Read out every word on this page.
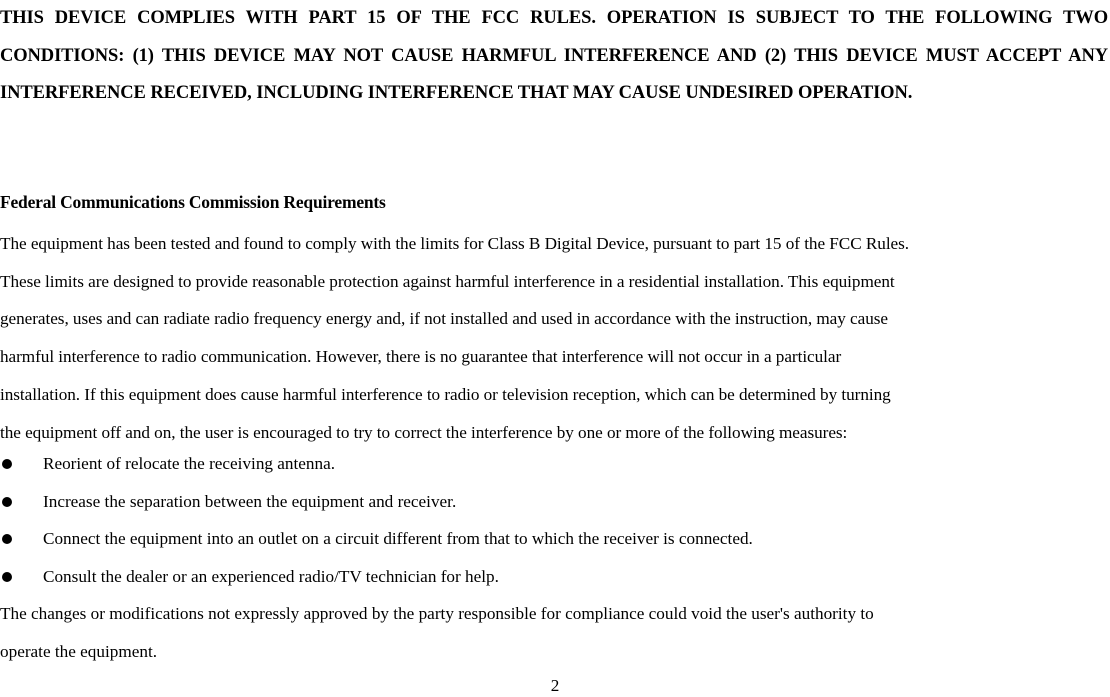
THIS DEVICE COMPLIES WITH PART 15 OF THE FCC RULES. OPERATION IS SUBJECT TO THE FOLLOWING TWO CONDITIONS: (1) THIS DEVICE MAY NOT CAUSE HARMFUL INTERFERENCE AND (2) THIS DEVICE MUST ACCEPT ANY INTERFERENCE RECEIVED, INCLUDING INTERFERENCE THAT MAY CAUSE UNDESIRED OPERATION.
Federal Communications Commission Requirements
The equipment has been tested and found to comply with the limits for Class B Digital Device, pursuant to part 15 of the FCC Rules.
These limits are designed to provide reasonable protection against harmful interference in a residential installation. This equipment
generates, uses and can radiate radio frequency energy and, if not installed and used in accordance with the instruction, may cause
harmful interference to radio communication. However, there is no guarantee that interference will not occur in a particular
installation. If this equipment does cause harmful interference to radio or television reception, which can be determined by turning
the equipment off and on, the user is encouraged to try to correct the interference by one or more of the following measures:
Reorient of relocate the receiving antenna.
Increase the separation between the equipment and receiver.
Connect the equipment into an outlet on a circuit different from that to which the receiver is connected.
Consult the dealer or an experienced radio/TV technician for help.
The changes or modifications not expressly approved by the party responsible for compliance could void the user's authority to
operate the equipment.
2
